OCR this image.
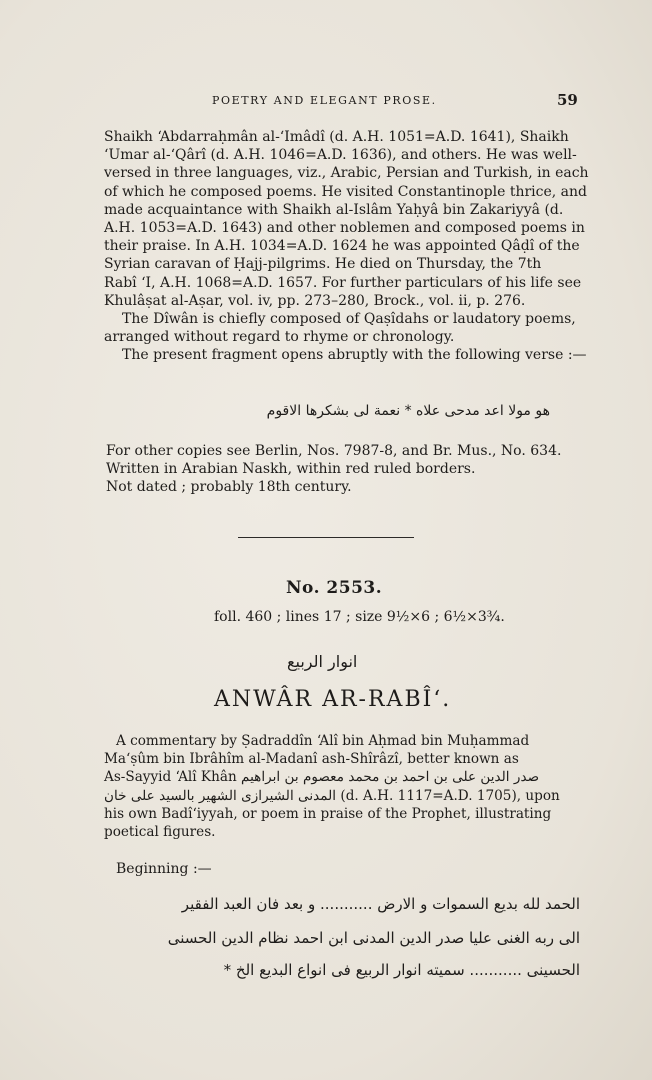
POETRY AND ELEGANT PROSE.	59
Shaikh ‘Abdarraḥmân al-‘Imâdî (d. A.H. 1051=A.D. 1641), Shaikh
‘Umar al-‘Qârî (d. A.H. 1046=A.D. 1636), and others. He was well-
versed in three languages, viz., Arabic, Persian and Turkish, in each
of which he composed poems. He visited Constantinople thrice, and
made acquaintance with Shaikh al-Islâm Yaḥyâ bin Zakariyyâ (d.
A.H. 1053=A.D. 1643) and other noblemen and composed poems in
their praise. In A.H. 1034=A.D. 1624 he was appointed Qâḍî of the
Syrian caravan of Ḥajj-pilgrims. He died on Thursday, the 7th
Rabî ‘I, A.H. 1068=A.D. 1657. For further particulars of his life see
Khulâṣat al-Aṣar, vol. iv, pp. 273–280, Brock., vol. ii, p. 276.
The Dîwân is chiefly composed of Qaṣîdahs or laudatory poems,
arranged without regard to rhyme or chronology.
The present fragment opens abruptly with the following verse :—
هو مولا اعد مدحى علاه * نعمة لى بشكرها الاقوم
For other copies see Berlin, Nos. 7987-8, and Br. Mus., No. 634.
Written in Arabian Naskh, within red ruled borders.
Not dated ; probably 18th century.
No. 2553.
foll. 460 ; lines 17 ; size 9½×6 ; 6½×3¾.
انوار الربيع
ANWÂR AR-RABÎ‘.
A commentary by Ṣadraddîn ‘Alî bin Aḥmad bin Muḥammad
Ma‘ṣûm bin Ibrâhîm al-Madanî ash-Shîrâzî, better known as
As-Sayyid ‘Alî Khân صدر الدين على بن احمد بن محمد معصوم بن ابراهيم
المدنى الشيرازى الشهير بالسيد على خان (d. A.H. 1117=A.D. 1705), upon
his own Badî‘iyyah, or poem in praise of the Prophet, illustrating
poetical figures.
Beginning :—
الحمد لله بديع السموات و الارض ........... و بعد فان العبد الفقير
الى ربه الغنى عليا صدر الدين المدنى ابن احمد نظام الدين الحسنى
الحسينى ........... سميته انوار الربيع فى انواع البديع الخ *
